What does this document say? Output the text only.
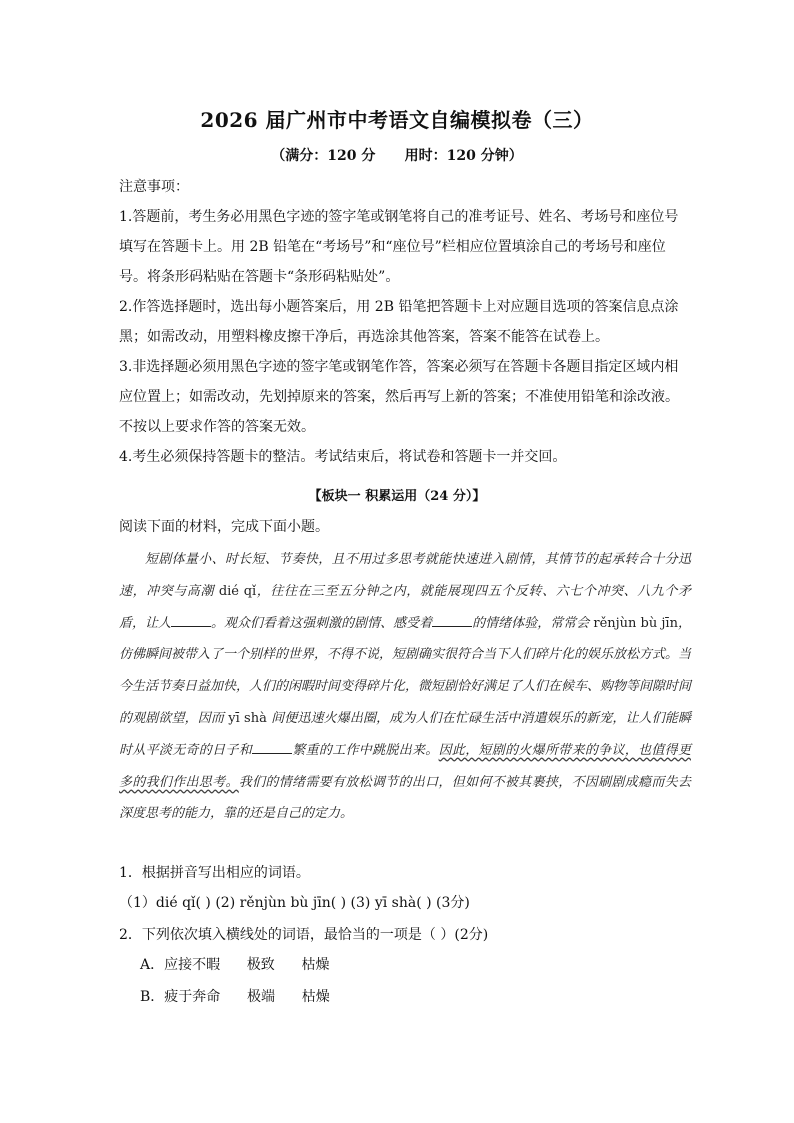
2026 届广州市中考语文自编模拟卷（三）
（满分：120 分      用时：120 分钟）
注意事项：

1.答题前，考生务必用黑色字迹的签字笔或钢笔将自己的准考证号、姓名、考场号和座位号填写在答题卡上。用 2B 铅笔在“考场号”和“座位号”栏相应位置填涂自己的考场号和座位号。将条形码粘贴在答题卡“条形码粘贴处”。

2.作答选择题时，选出每小题答案后，用 2B 铅笔把答题卡上对应题目选项的答案信息点涂黑；如需改动，用塑料橡皮擦干净后，再选涂其他答案，答案不能答在试卷上。

3.非选择题必须用黑色字迹的签字笔或钢笔作答，答案必须写在答题卡各题目指定区域内相应位置上；如需改动，先划掉原来的答案，然后再写上新的答案；不准使用铅笔和涂改液。不按以上要求作答的答案无效。

4.考生必须保持答题卡的整洁。考试结束后，将试卷和答题卡一并交回。

【板块一 积累运用（24 分）】
阅读下面的材料，完成下面小题。
短剧体量小、时长短、节奏快，且不用过多思考就能快速进入剧情，其情节的起承转合十分迅速，冲突与高潮 dié qǐ，往往在三至五分钟之内，就能展现四五个反转、六七个冲突、八九个矛盾，让人	。观众们看着这强刺激的剧情、感受着	的情绪体验，常常会 rěnjùn bù jīn，仿佛瞬间被带入了一个别样的世界，不得不说，短剧确实很符合当下人们碎片化的娱乐放松方式。当今生活节奏日益加快，人们的闲暇时间变得碎片化，微短剧恰好满足了人们在候车、购物等间隙时间的观剧欲望，因而 yī shà 间便迅速火爆出圈，成为人们在忙碌生活中消遣娱乐的新宠，让人们能瞬时从平淡无奇的日子和	繁重的工作中跳脱出来。因此，短剧的火爆所带来的争议，也值得更多的我们作出思考。我们的情绪需要有放松调节的出口，但如何不被其裹挟，不因刷剧成瘾而失去深度思考的能力，靠的还是自己的定力。
1．根据拼音写出相应的词语。
（1）dié qǐ( ) (2) rěnjùn bù jīn( ) (3) yī shà( ) (3分)
2．下列依次填入横线处的词语，最恰当的一项是（ ）(2分)
A．应接不暇      极致      枯燥
B．疲于奔命      极端      枯燥
